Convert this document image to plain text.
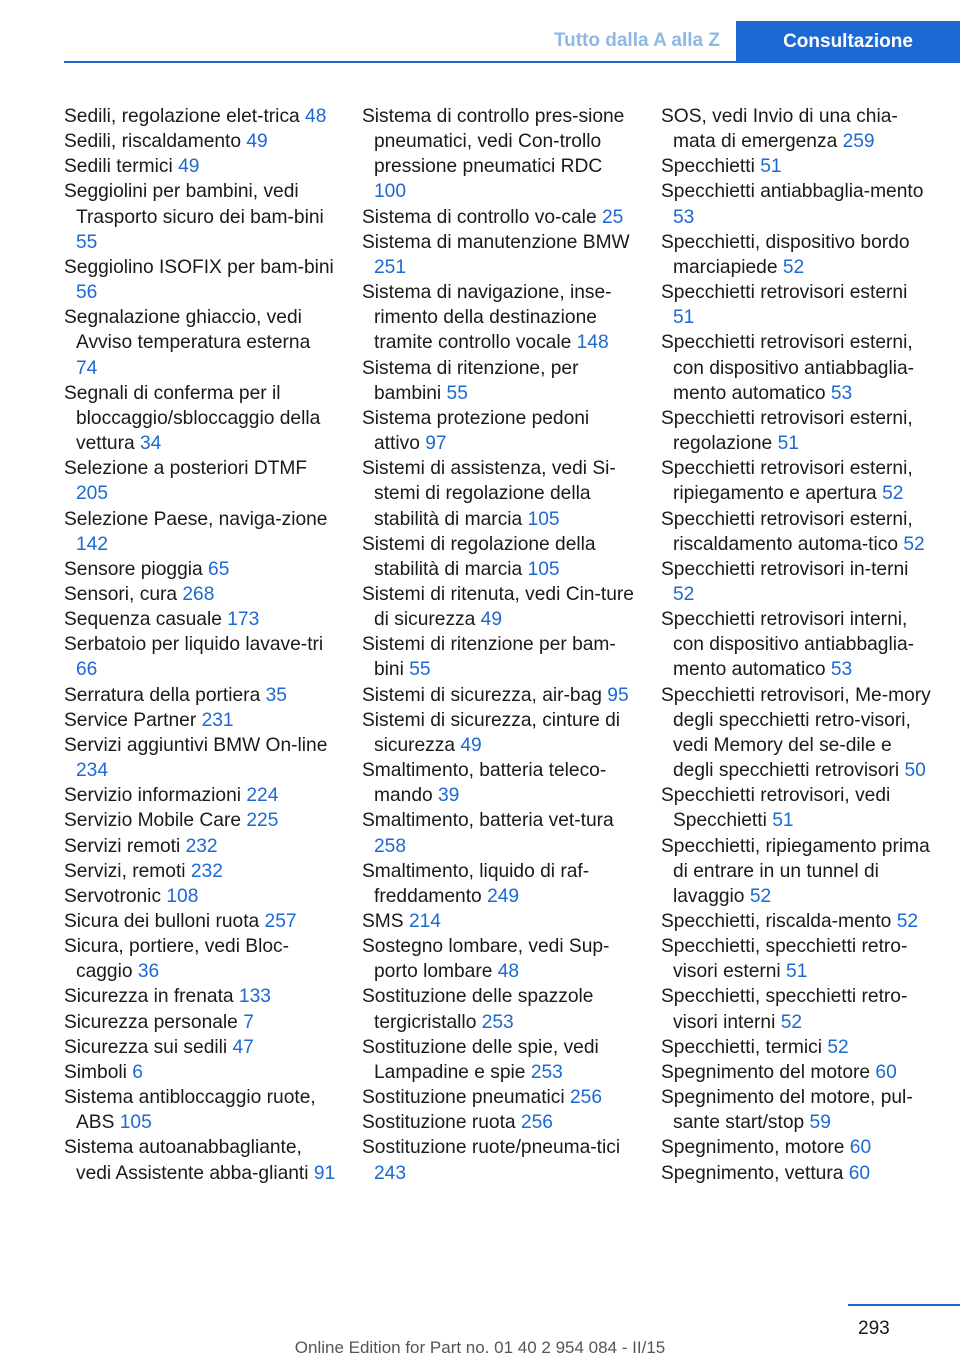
Tutto dalla A alla Z	Consultazione

Sedili, regolazione elet-trica 48

Sedili, riscaldamento 49

Sedili termici 49

Seggiolini per bambini, vedi Trasporto sicuro dei bam-bini 55

Seggiolino ISOFIX per bam-bini 56

Segnalazione ghiaccio, vedi Avviso temperatura esterna 74

Segnali di conferma per il bloccaggio/sbloccaggio della vettura 34

Selezione a posteriori DTMF 205

Selezione Paese, naviga-zione 142

Sensore pioggia 65

Sensori, cura 268

Sequenza casuale 173

Serbatoio per liquido lavave-tri 66

Serratura della portiera 35

Service Partner 231

Servizi aggiuntivi BMW On-line 234

Servizio informazioni 224

Servizio Mobile Care 225

Servizi remoti 232

Servizi, remoti 232

Servotronic 108

Sicura dei bulloni ruota 257

Sicura, portiere, vedi Bloc-caggio 36

Sicurezza in frenata 133

Sicurezza personale 7

Sicurezza sui sedili 47

Simboli 6

Sistema antibloccaggio ruote, ABS 105

Sistema autoanabbagliante, vedi Assistente abba-glianti 91

Sistema di controllo pres-sione pneumatici, vedi Con-trollo pressione pneumatici RDC 100

Sistema di controllo vo-cale 25

Sistema di manutenzione BMW 251

Sistema di navigazione, inse-rimento della destinazione tramite controllo vocale 148

Sistema di ritenzione, per bambini 55

Sistema protezione pedoni attivo 97

Sistemi di assistenza, vedi Si-stemi di regolazione della stabilità di marcia 105

Sistemi di regolazione della stabilità di marcia 105

Sistemi di ritenuta, vedi Cin-ture di sicurezza 49

Sistemi di ritenzione per bam-bini 55

Sistemi di sicurezza, air-bag 95

Sistemi di sicurezza, cinture di sicurezza 49

Smaltimento, batteria teleco-mando 39

Smaltimento, batteria vet-tura 258

Smaltimento, liquido di raf-freddamento 249

SMS 214

Sostegno lombare, vedi Sup-porto lombare 48

Sostituzione delle spazzole tergicristallo 253

Sostituzione delle spie, vedi Lampadine e spie 253

Sostituzione pneumatici 256

Sostituzione ruota 256

Sostituzione ruote/pneuma-tici 243

SOS, vedi Invio di una chia-mata di emergenza 259

Specchietti 51

Specchietti antiabbaglia-mento 53

Specchietti, dispositivo bordo marciapiede 52

Specchietti retrovisori esterni 51

Specchietti retrovisori esterni, con dispositivo antiabbaglia-mento automatico 53

Specchietti retrovisori esterni, regolazione 51

Specchietti retrovisori esterni, ripiegamento e apertura 52

Specchietti retrovisori esterni, riscaldamento automa-tico 52

Specchietti retrovisori in-terni 52

Specchietti retrovisori interni, con dispositivo antiabbaglia-mento automatico 53

Specchietti retrovisori, Me-mory degli specchietti retro-visori, vedi Memory del se-dile e degli specchietti retrovisori 50

Specchietti retrovisori, vedi Specchietti 51

Specchietti, ripiegamento prima di entrare in un tunnel di lavaggio 52

Specchietti, riscalda-mento 52

Specchietti, specchietti retro-visori esterni 51

Specchietti, specchietti retro-visori interni 52

Specchietti, termici 52

Spegnimento del motore 60

Spegnimento del motore, pul-sante start/stop 59

Spegnimento, motore 60

Spegnimento, vettura 60

293
Online Edition for Part no. 01 40 2 954 084 - II/15
